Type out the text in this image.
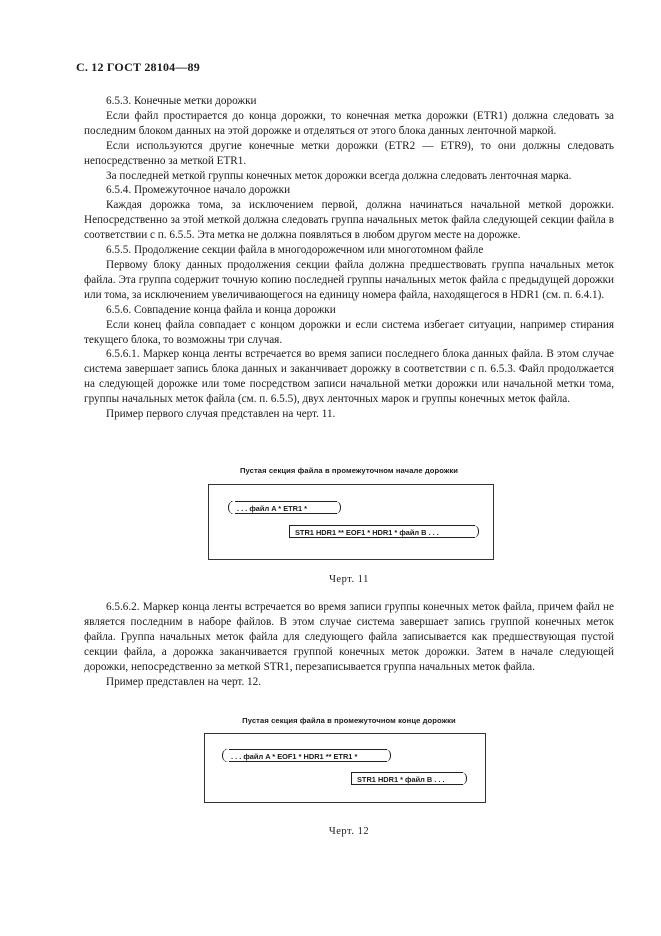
С. 12 ГОСТ 28104—89

6.5.3. Конечные метки дорожки

Если файл простирается до конца дорожки, то конечная метка дорожки (ETR1) должна следовать за последним блоком данных на этой дорожке и отделяться от этого блока данных ленточной маркой.

Если используются другие конечные метки дорожки (ETR2 — ETR9), то они должны следовать непосредственно за меткой ETR1.

За последней меткой группы конечных меток дорожки всегда должна следовать ленточная марка.

6.5.4. Промежуточное начало дорожки

Каждая дорожка тома, за исключением первой, должна начинаться начальной меткой дорожки. Непосредственно за этой меткой должна следовать группа начальных меток файла следующей секции файла в соответствии с п. 6.5.5. Эта метка не должна появляться в любом другом месте на дорожке.

6.5.5. Продолжение секции файла в многодорожечном или многотомном файле

Первому блоку данных продолжения секции файла должна предшествовать группа начальных меток файла. Эта группа содержит точную копию последней группы начальных меток файла с предыдущей дорожки или тома, за исключением увеличивающегося на единицу номера файла, находящегося в HDR1 (см. п. 6.4.1).

6.5.6. Совпадение конца файла и конца дорожки

Если конец файла совпадает с концом дорожки и если система избегает ситуации, например стирания текущего блока, то возможны три случая.

6.5.6.1. Маркер конца ленты встречается во время записи последнего блока данных файла. В этом случае система завершает запись блока данных и заканчивает дорожку в соответствии с п. 6.5.3. Файл продолжается на следующей дорожке или томе посредством записи начальной метки дорожки или начальной метки тома, группы начальных меток файла (см. п. 6.5.5), двух ленточных марок и группы конечных меток файла.

Пример первого случая представлен на черт. 11.

Пустая секция файла в промежуточном начале дорожки
. . . файл A * ETR1 *
STR1 HDR1 ** EOF1 * HDR1 * файл B . . .
Черт. 11

6.5.6.2. Маркер конца ленты встречается во время записи группы конечных меток файла, причем файл не является последним в наборе файлов. В этом случае система завершает запись группой конечных меток файла. Группа начальных меток файла для следующего файла записывается как предшествующая пустой секции файла, а дорожка заканчивается группой конечных меток дорожки. Затем в начале следующей дорожки, непосредственно за меткой STR1, перезаписывается группа начальных меток файла.

Пример представлен на черт. 12.

Пустая секция файла в промежуточном конце дорожки
. . . файл A * EOF1 * HDR1 ** ETR1 *
STR1 HDR1 * файл B . . .
Черт. 12
